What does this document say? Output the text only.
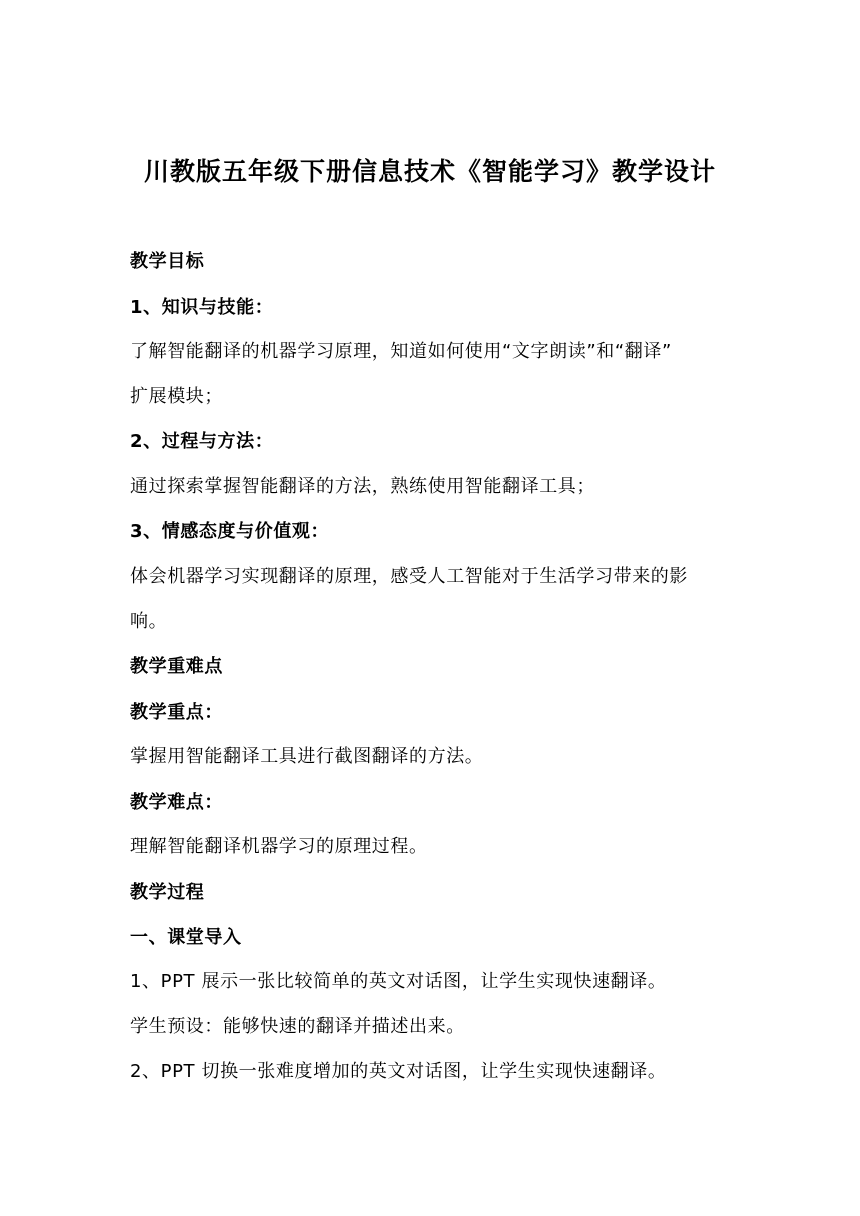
川教版五年级下册信息技术《智能学习》教学设计
教学目标
1、知识与技能：
了解智能翻译的机器学习原理，知道如何使用“文字朗读”和“翻译”
扩展模块；
2、过程与方法：
通过探索掌握智能翻译的方法，熟练使用智能翻译工具；
3、情感态度与价值观：
体会机器学习实现翻译的原理，感受人工智能对于生活学习带来的影
响。
教学重难点
教学重点：
掌握用智能翻译工具进行截图翻译的方法。
教学难点：
理解智能翻译机器学习的原理过程。
教学过程
一、课堂导入
1、PPT 展示一张比较简单的英文对话图，让学生实现快速翻译。
学生预设：能够快速的翻译并描述出来。
2、PPT 切换一张难度增加的英文对话图，让学生实现快速翻译。
